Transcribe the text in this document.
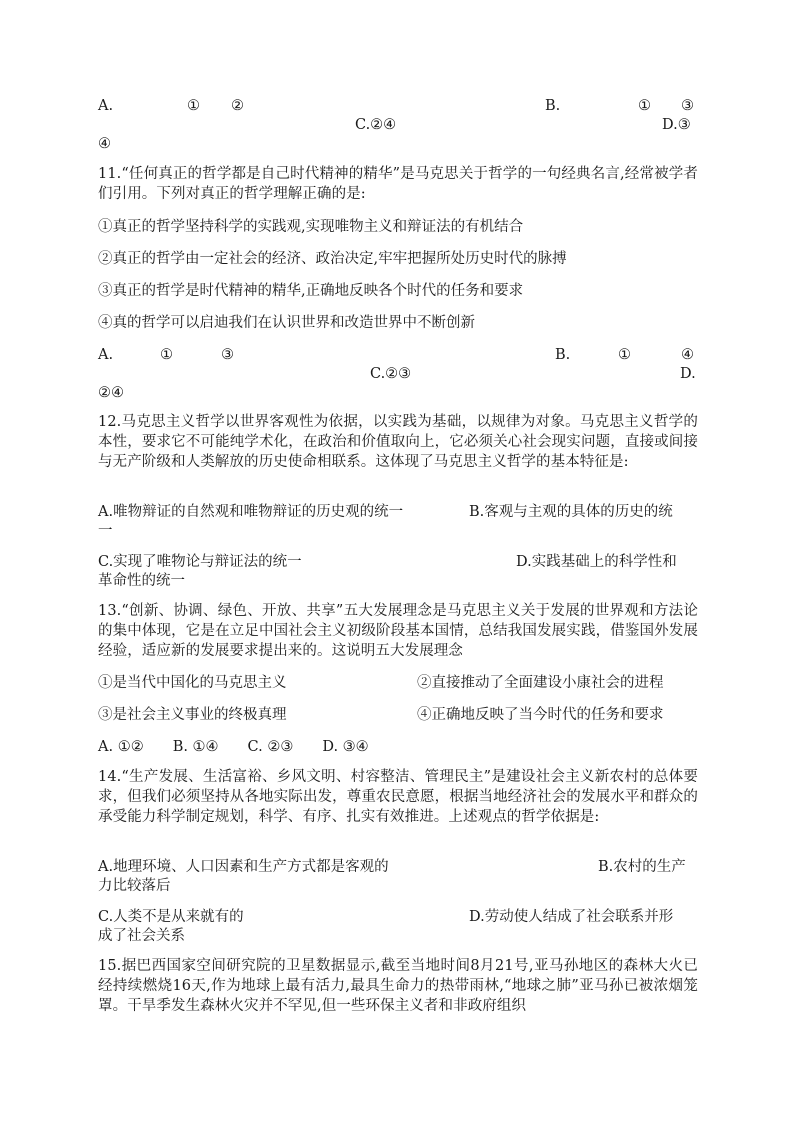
A.	① ②	B.	① ③
C.②④	D.③
④
11.“任何真正的哲学都是自己时代精神的精华”是马克思关于哲学的一句经典名言,经常被学者们引用。下列对真正的哲学理解正确的是:
①真正的哲学坚持科学的实践观,实现唯物主义和辩证法的有机结合
②真正的哲学由一定社会的经济、政治决定,牢牢把握所处历史时代的脉搏
③真正的哲学是时代精神的精华,正确地反映各个时代的任务和要求
④真的哲学可以启迪我们在认识世界和改造世界中不断创新
A.	①	③	B.	①	④
C.②③	D.
②④
12.马克思主义哲学以世界客观性为依据，以实践为基础，以规律为对象。马克思主义哲学的本性，要求它不可能纯学术化，在政治和价值取向上，它必须关心社会现实问题，直接或间接与无产阶级和人类解放的历史使命相联系。这体现了马克思主义哲学的基本特征是:
A.唯物辩证的自然观和唯物辩证的历史观的统一	B.客观与主观的具体的历史的统
一
C.实现了唯物论与辩证法的统一	D.实践基础上的科学性和
革命性的统一
13.“创新、协调、绿色、开放、共享”五大发展理念是马克思主义关于发展的世界观和方法论的集中体现，它是在立足中国社会主义初级阶段基本国情，总结我国发展实践，借鉴国外发展经验，适应新的发展要求提出来的。这说明五大发展理念
①是当代中国化的马克思主义	②直接推动了全面建设小康社会的进程
③是社会主义事业的终极真理	④正确地反映了当今时代的任务和要求
A. ①②　　B. ①④　　C. ②③　　D. ③④
14.“生产发展、生活富裕、乡风文明、村容整洁、管理民主”是建设社会主义新农村的总体要求，但我们必须坚持从各地实际出发，尊重农民意愿，根据当地经济社会的发展水平和群众的承受能力科学制定规划，科学、有序、扎实有效推进。上述观点的哲学依据是:
A.地理环境、人口因素和生产方式都是客观的	B.农村的生产
力比较落后
C.人类不是从来就有的	D.劳动使人结成了社会联系并形
成了社会关系
15.据巴西国家空间研究院的卫星数据显示,截至当地时间8月21号,亚马孙地区的森林大火已经持续燃烧16天,作为地球上最有活力,最具生命力的热带雨林,“地球之肺”亚马孙已被浓烟笼罩。干旱季发生森林火灾并不罕见,但一些环保主义者和非政府组织
